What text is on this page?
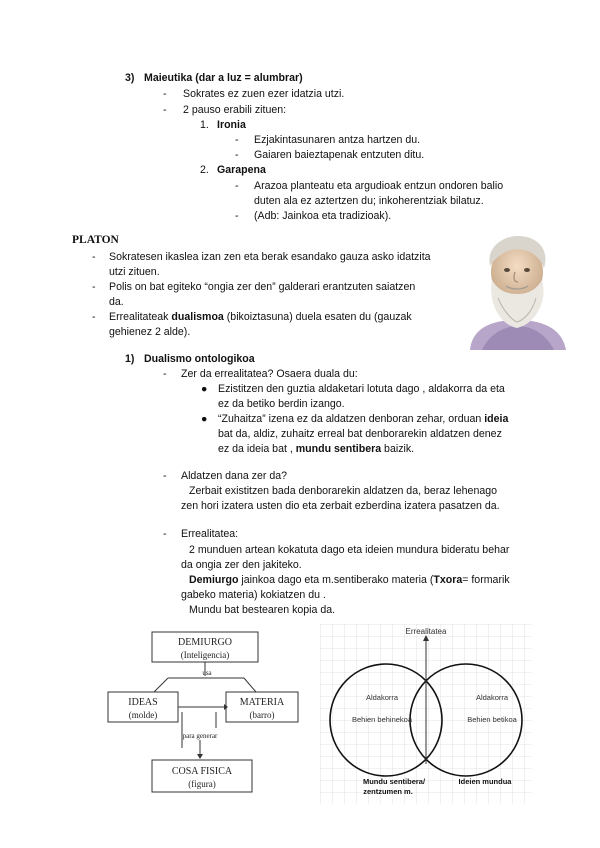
3) Maieutika (dar a luz = alumbrar)
- Sokrates ez zuen ezer idatzia utzi.
- 2 pauso erabili zituen:
1. Ironia
- Ezjakintasunaren antza hartzen du.
- Gaiaren baieztapenak entzuten ditu.
2. Garapena
- Arazoa planteatu eta argudioak entzun ondoren balio
duten ala ez aztertzen du; inkoherentziak bilatuz.
- (Adb: Jainkoa eta tradizioak).
PLATON
- Sokratesen ikaslea izan zen eta berak esandako gauza asko idatzita
utzi zituen.
- Polis on bat egiteko “ongia zer den” galderari erantzuten saiatzen
da.
- Errealitateak dualismoa (bikoiztasuna) duela esaten du (gauzak
gehienez 2 alde).
1) Dualismo ontologikoa
- Zer da errealitatea? Osaera duala du:
● Ezistitzen den guztia aldaketari lotuta dago , aldakorra da eta
ez da betiko berdin izango.
● “Zuhaitza” izena ez da aldatzen denboran zehar, orduan ideia
bat da, aldiz, zuhaitz erreal bat denborarekin aldatzen denez
ez da ideia bat , mundu sentibera baizik.
- Aldatzen dana zer da?
Zerbait existitzen bada denborarekin aldatzen da, beraz lehenago
zen hori izatera usten dio eta zerbait ezberdina izatera pasatzen da.
- Errealitatea:
2 munduen artean kokatuta dago eta ideien mundura bideratu behar
da ongia zer den jakiteko.
Demiurgo jainkoa dago eta m.sentiberako materia (Txora= formarik
gabeko materia) kokiatzen du .
Mundu bat bestearen kopia da.
DEMIURGO
(Inteligencia)
usa
IDEAS
(molde)
MATERIA
(barro)
para generar
COSA FISICA
(figura)
Errealitatea
Aldakorra
Behien behinekoa
Aldakorra
Behien betikoa
Mundu sentibera/
zentzumen m.
Ideien mundua
